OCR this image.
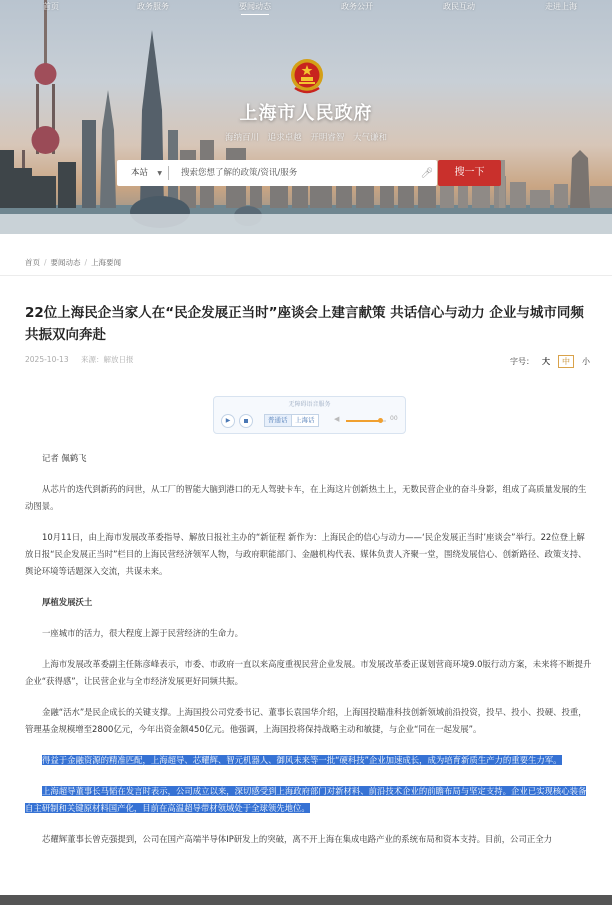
首页	政务服务	要闻动态	政务公开	政民互动	走进上海
上海市人民政府
海纳百川 追求卓越 开明睿智 大气谦和
本站 ▼
搜索您想了解的政策/资讯/服务	🎤︎	搜一下
首页 / 要闻动态 / 上海要闻
22位上海民企当家人在“民企发展正当时”座谈会上建言献策 共话信心与动力 企业与城市同频共振双向奔赴
2025-10-13 来源：解放日报	字号： 大	中	小
无障碍语音服务
▶	普通话	上海话	◀	00

记者 佩鹤飞

从芯片的迭代到新药的问世，从工厂的智能大脑到港口的无人驾驶卡车，在上海这片创新热土上，无数民营企业的奋斗身影，组成了高质量发展的生动图景。

10月11日，由上海市发展改革委指导、解放日报社主办的“新征程 新作为：上海民企的信心与动力——‘民企发展正当时’座谈会”举行。22位登上解放日报“民企发展正当时”栏目的上海民营经济领军人物，与政府职能部门、金融机构代表、媒体负责人齐聚一堂，围绕发展信心、创新路径、政策支持、舆论环境等话题深入交流，共谋未来。

厚植发展沃土

一座城市的活力，很大程度上源于民营经济的生命力。

上海市发展改革委副主任陈彦峰表示，市委、市政府一直以来高度重视民营企业发展。市发展改革委正谋划营商环境9.0版行动方案，未来将不断提升企业“获得感”，让民营企业与全市经济发展更好同频共振。

金融“活水”是民企成长的关键支撑。上海国投公司党委书记、董事长袁国华介绍，上海国投瞄准科技创新领域前沿投资，投早、投小、投硬、投重，管理基金规模增至2800亿元，今年出资金额450亿元。他强调，上海国投将保持战略主动和敏捷，与企业“同在一起发展”。

得益于金融资源的精准匹配，上海超导、芯耀辉、智元机器人、御风未来等一批“硬科技”企业加速成长，成为培育新质生产力的重要生力军。

上海超导董事长马韬在发言时表示，公司成立以来，深切感受到上海政府部门对新材料、前沿技术企业的前瞻布局与坚定支持。企业已实现核心装备自主研制和关键原材料国产化，目前在高温超导带材领域处于全球领先地位。

芯耀辉董事长曾克强提到，公司在国产高端半导体IP研发上的突破，离不开上海在集成电路产业的系统布局和资本支持。目前，公司正全力
